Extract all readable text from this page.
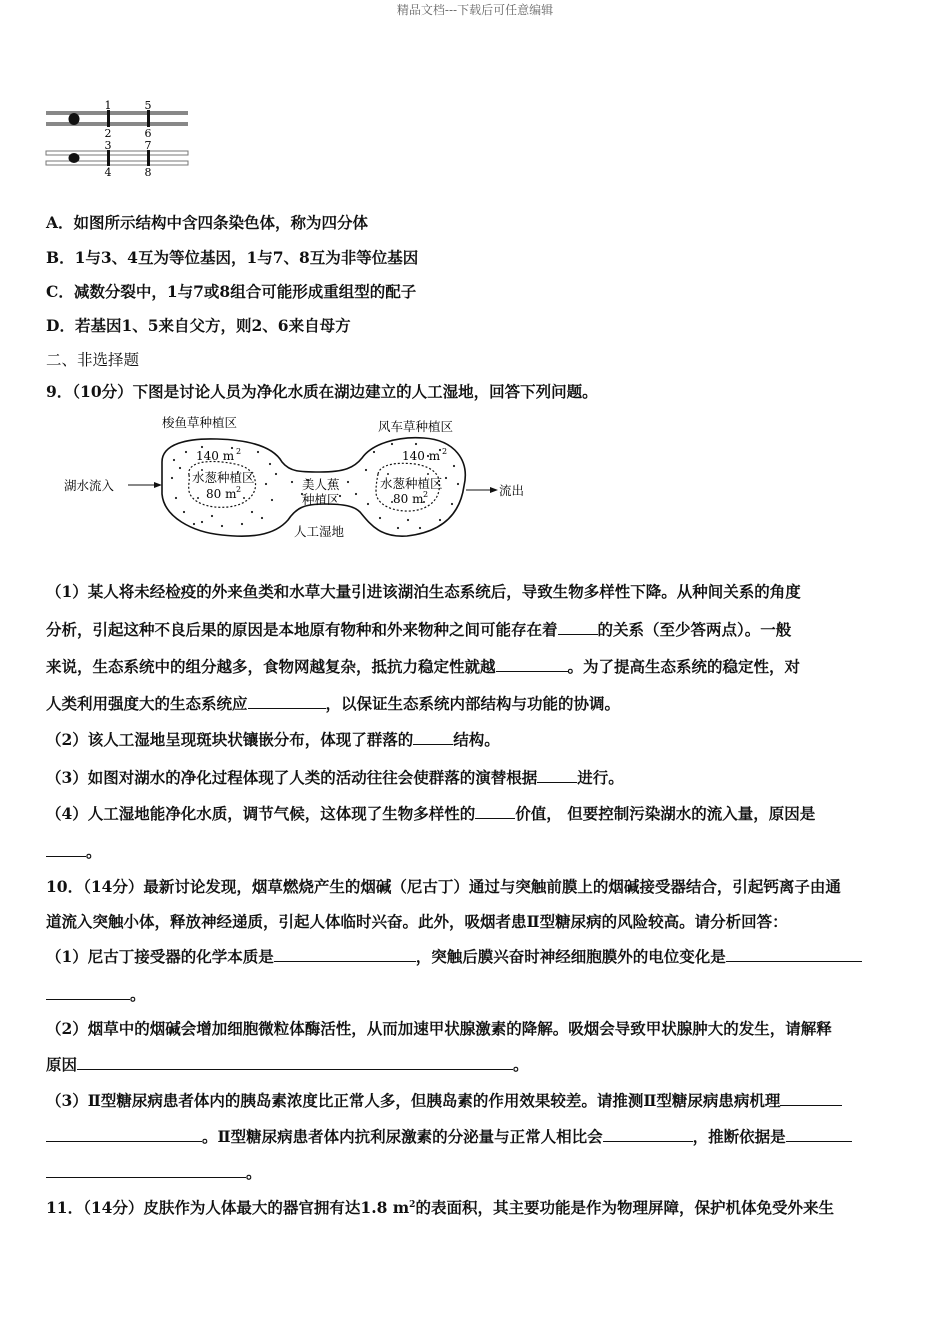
精品文档---下载后可任意编辑
1	5
2	6
3	7
4	8
A．如图所示结构中含四条染色体，称为四分体
B．1与3、4互为等位基因，1与7、8互为非等位基因
C．减数分裂中，1与7或8组合可能形成重组型的配子
D．若基因1、5来自父方，则2、6来自母方
二、非选择题
9．（10分）下图是讨论人员为净化水质在湖边建立的人工湿地，回答下列问题。
梭鱼草种植区	风车草种植区
湖水流入	流出
140 m 2	140 m 2
水葱种植区
80 m 2	水葱种植区
80 m 2
美人蕉
种植区
人工湿地
（1）某人将未经检疫的外来鱼类和水草大量引进该湖泊生态系统后，导致生物多样性下降。从种间关系的角度
分析，引起这种不良后果的原因是本地原有物种和外来物种之间可能存在着	的关系（至少答两点）。一般
来说，生态系统中的组分越多，食物网越复杂，抵抗力稳定性就越	。为了提高生态系统的稳定性，对
人类利用强度大的生态系统应	，以保证生态系统内部结构与功能的协调。
（2）该人工湿地呈现斑块状镶嵌分布，体现了群落的	结构。
（3）如图对湖水的净化过程体现了人类的活动往往会使群落的演替根据	进行。
（4）人工湿地能净化水质，调节气候，这体现了生物多样性的	价值， 但要控制污染湖水的流入量，原因是
。
10．（14分）最新讨论发现，烟草燃烧产生的烟碱（尼古丁）通过与突触前膜上的烟碱接受器结合，引起钙离子由通
道流入突触小体，释放神经递质，引起人体临时兴奋。此外，吸烟者患Ⅱ型糖尿病的风险较高。请分析回答：
（1）尼古丁接受器的化学本质是	，突触后膜兴奋时神经细胞膜外的电位变化是
。
（2）烟草中的烟碱会增加细胞微粒体酶活性，从而加速甲状腺激素的降解。吸烟会导致甲状腺肿大的发生，请解释
原因	。
（3）Ⅱ型糖尿病患者体内的胰岛素浓度比正常人多，但胰岛素的作用效果较差。请推测Ⅱ型糖尿病患病机理
。Ⅱ型糖尿病患者体内抗利尿激素的分泌量与正常人相比会	，推断依据是
。
11．（14分）皮肤作为人体最大的器官拥有达1.8 $m^2$的表面积，其主要功能是作为物理屏障，保护机体免受外来生
